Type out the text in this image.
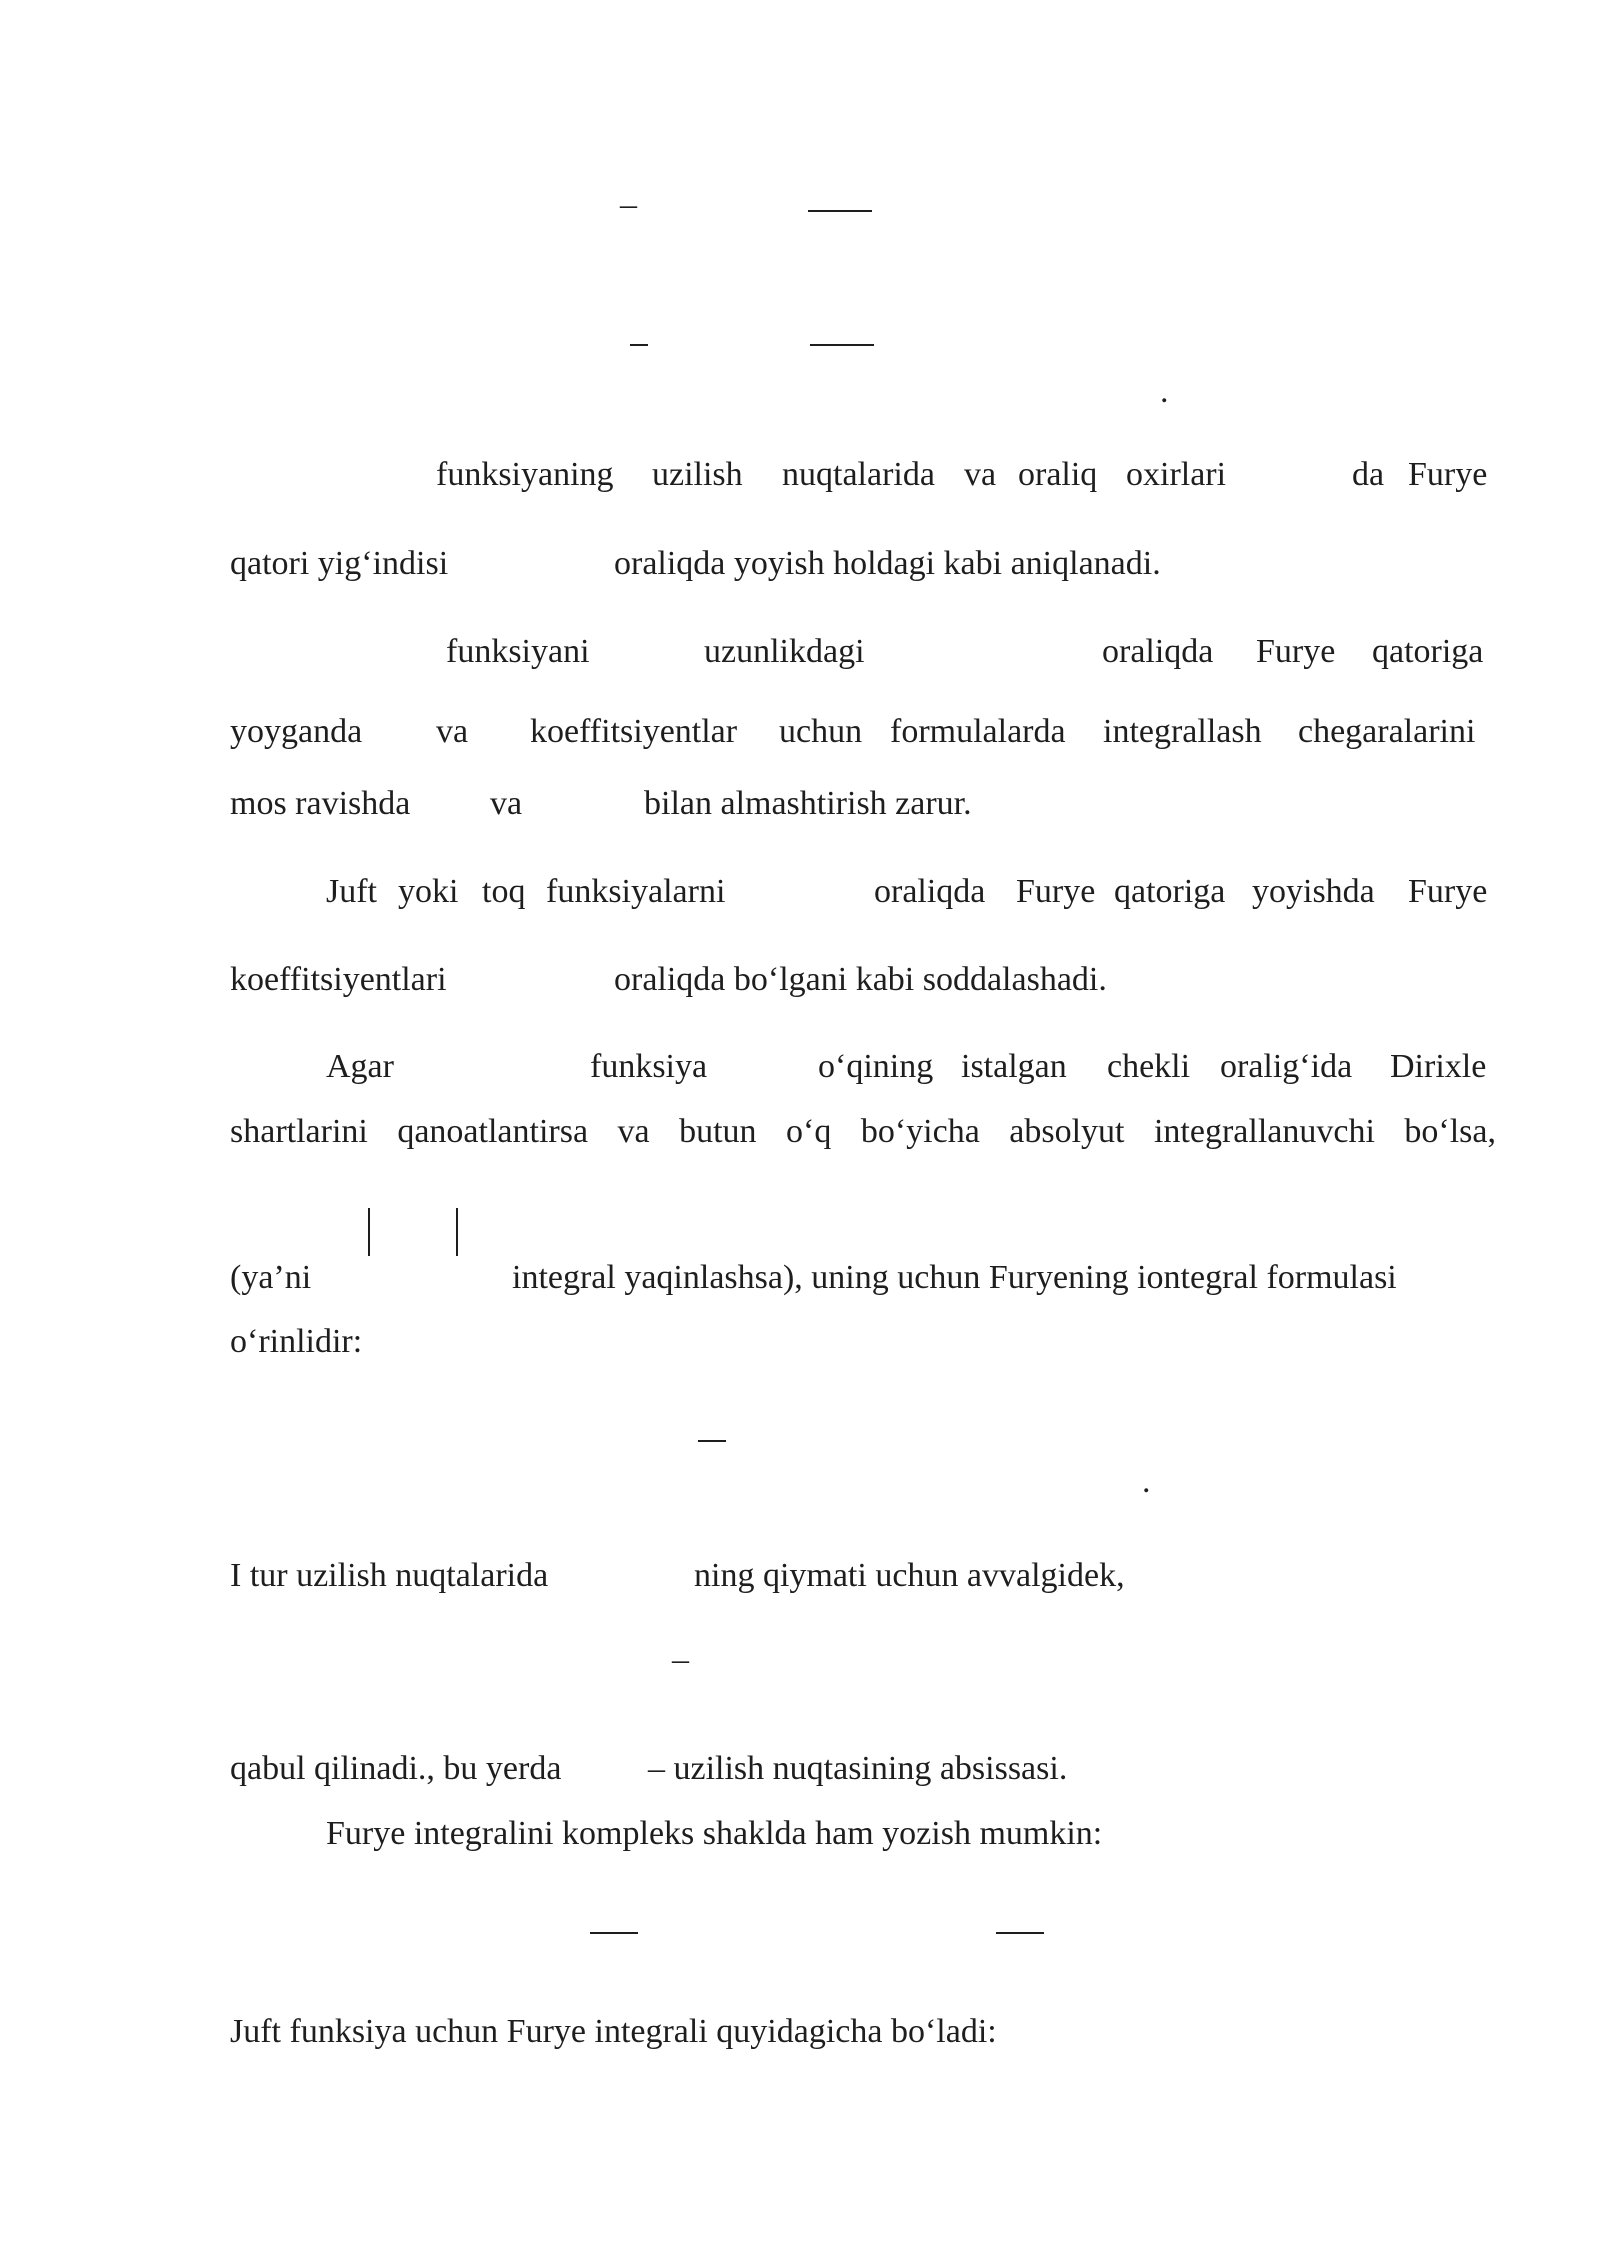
–
.
funksiyaning uzilish nuqtalarida va oraliq oxirlari	da Furye
qatori yig‘indisi	oraliqda yoyish holdagi kabi aniqlanadi.
funksiyani	uzunlikdagi	oraliqda Furye qatoriga
yoyganda va koeffitsiyentlar uchun formulalarda integrallash chegaralarini
mos ravishda va	bilan almashtirish zarur.
Juft yoki toq funksiyalarni	oraliqda Furye qatoriga yoyishda Furye
koeffitsiyentlari	oraliqda bo‘lgani kabi soddalashadi.
Agar	funksiya	o‘qining istalgan chekli oralig‘ida Dirixle
shartlarini qanoatlantirsa va butun o‘q bo‘yicha absolyut integrallanuvchi bo‘lsa,
(ya’ni	integral yaqinlashsa), uning uchun Furyening iontegral formulasi
o‘rinlidir:
.
I tur uzilish nuqtalarida	ning qiymati uchun avvalgidek,
–
qabul qilinadi., bu yerda	– uzilish nuqtasining absissasi.
Furye integralini kompleks shaklda ham yozish mumkin:
Juft funksiya uchun Furye integrali quyidagicha bo‘ladi:
